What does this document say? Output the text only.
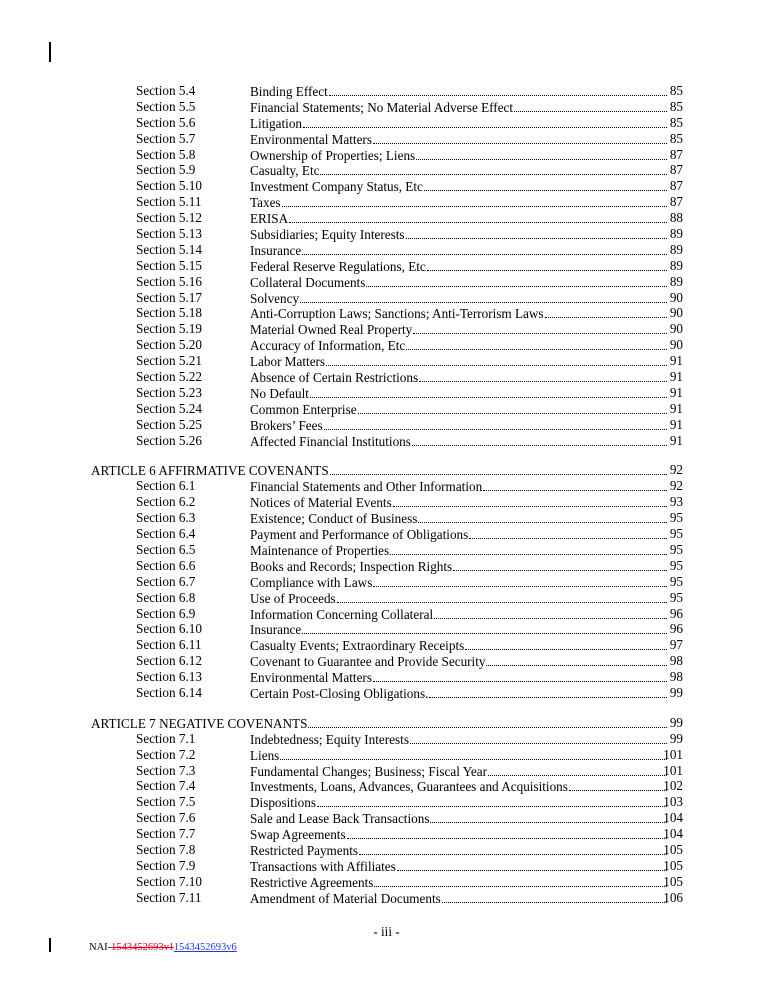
Section 5.4	Binding Effect	85
Section 5.5	Financial Statements; No Material Adverse Effect	85
Section 5.6	Litigation	85
Section 5.7	Environmental Matters	85
Section 5.8	Ownership of Properties; Liens	87
Section 5.9	Casualty, Etc	87
Section 5.10	Investment Company Status, Etc	87
Section 5.11	Taxes	87
Section 5.12	ERISA	88
Section 5.13	Subsidiaries; Equity Interests	89
Section 5.14	Insurance	89
Section 5.15	Federal Reserve Regulations, Etc	89
Section 5.16	Collateral Documents	89
Section 5.17	Solvency	90
Section 5.18	Anti-Corruption Laws; Sanctions; Anti-Terrorism Laws	90
Section 5.19	Material Owned Real Property	90
Section 5.20	Accuracy of Information, Etc	90
Section 5.21	Labor Matters	91
Section 5.22	Absence of Certain Restrictions	91
Section 5.23	No Default	91
Section 5.24	Common Enterprise	91
Section 5.25	Brokers’ Fees	91
Section 5.26	Affected Financial Institutions	91
ARTICLE 6 AFFIRMATIVE COVENANTS	92
Section 6.1	Financial Statements and Other Information	92
Section 6.2	Notices of Material Events	93
Section 6.3	Existence; Conduct of Business	95
Section 6.4	Payment and Performance of Obligations	95
Section 6.5	Maintenance of Properties	95
Section 6.6	Books and Records; Inspection Rights	95
Section 6.7	Compliance with Laws	95
Section 6.8	Use of Proceeds	95
Section 6.9	Information Concerning Collateral	96
Section 6.10	Insurance	96
Section 6.11	Casualty Events; Extraordinary Receipts	97
Section 6.12	Covenant to Guarantee and Provide Security	98
Section 6.13	Environmental Matters	98
Section 6.14	Certain Post-Closing Obligations.	99
ARTICLE 7 NEGATIVE COVENANTS	99
Section 7.1	Indebtedness; Equity Interests	99
Section 7.2	Liens	101
Section 7.3	Fundamental Changes; Business; Fiscal Year	101
Section 7.4	Investments, Loans, Advances, Guarantees and Acquisitions	102
Section 7.5	Dispositions	103
Section 7.6	Sale and Lease Back Transactions	104
Section 7.7	Swap Agreements	104
Section 7.8	Restricted Payments	105
Section 7.9	Transactions with Affiliates	105
Section 7.10	Restrictive Agreements	105
Section 7.11	Amendment of Material Documents	106
- iii -
NAI-1543452693v11543452693v6
